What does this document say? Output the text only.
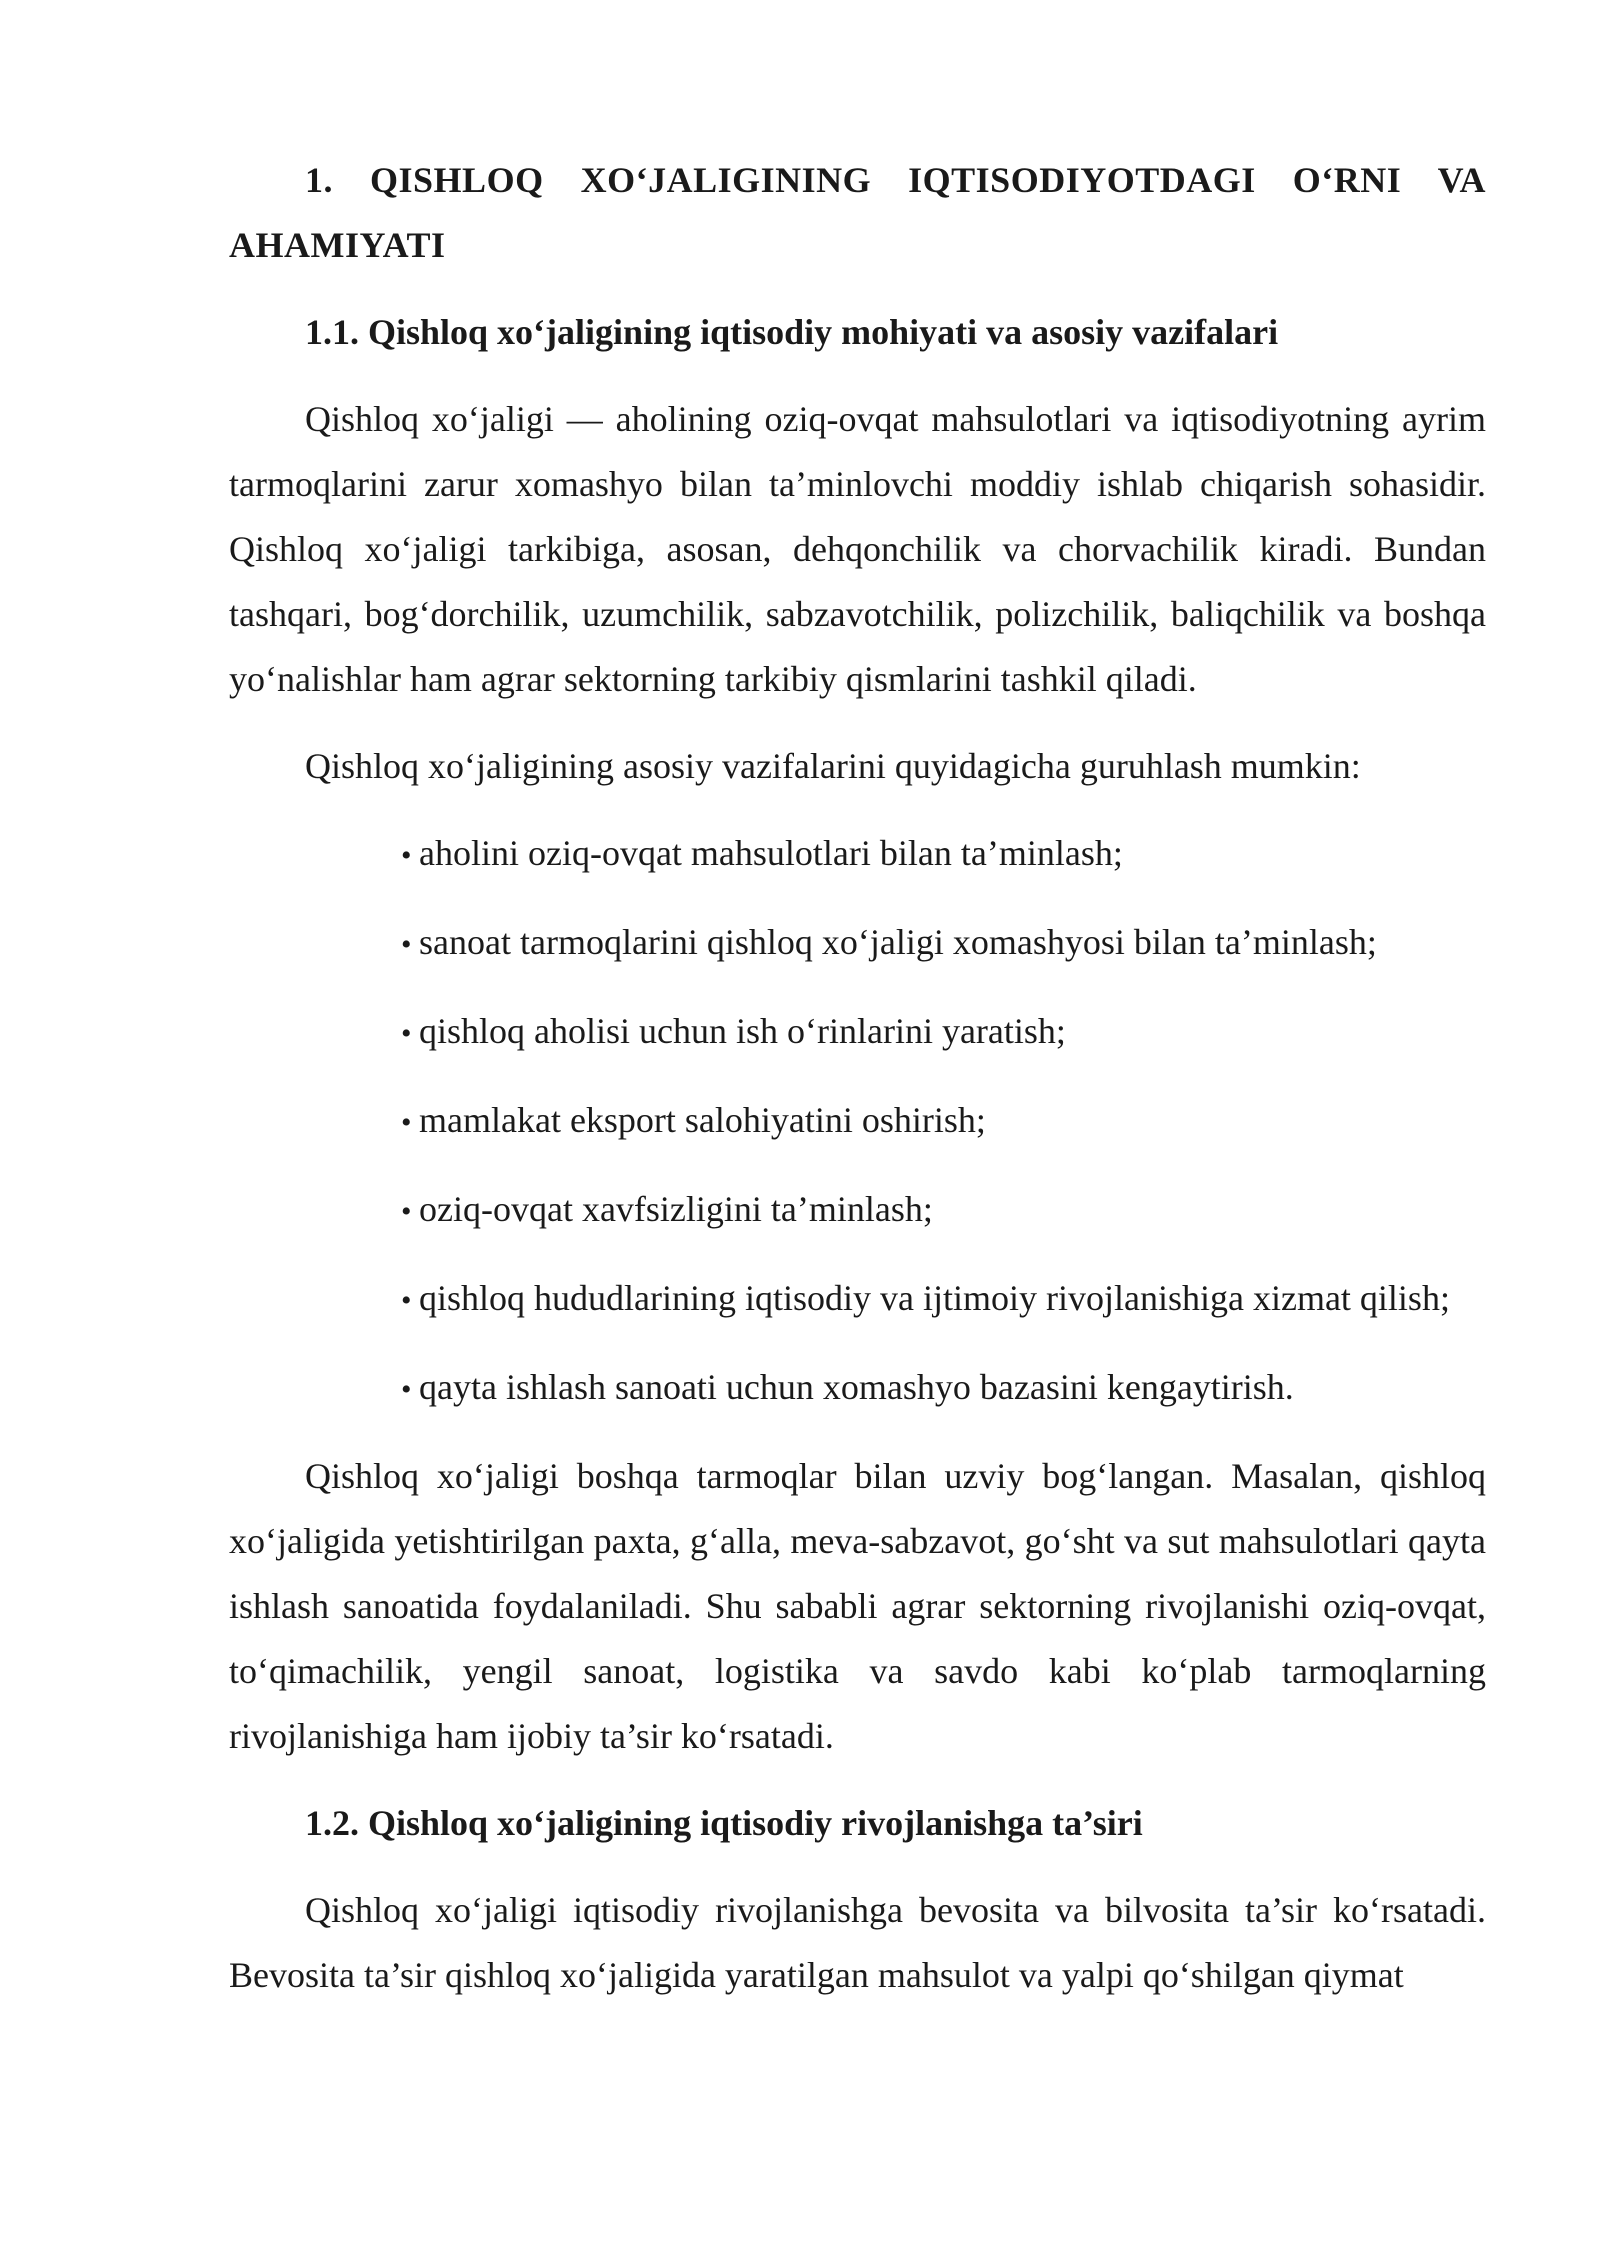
1. QISHLOQ XO‘JALIGINING IQTISODIYOTDAGI O‘RNI VA AHAMIYATI
1.1. Qishloq xo‘jaligining iqtisodiy mohiyati va asosiy vazifalari

Qishloq xo‘jaligi — aholining oziq-ovqat mahsulotlari va iqtisodiyotning ayrim tarmoqlarini zarur xomashyo bilan ta’minlovchi moddiy ishlab chiqarish sohasidir. Qishloq xo‘jaligi tarkibiga, asosan, dehqonchilik va chorvachilik kiradi. Bundan tashqari, bog‘dorchilik, uzumchilik, sabzavotchilik, polizchilik, baliqchilik va boshqa yo‘nalishlar ham agrar sektorning tarkibiy qismlarini tashkil qiladi.

Qishloq xo‘jaligining asosiy vazifalarini quyidagicha guruhlash mumkin:

• aholini oziq-ovqat mahsulotlari bilan ta’minlash;
• sanoat tarmoqlarini qishloq xo‘jaligi xomashyosi bilan ta’minlash;
• qishloq aholisi uchun ish o‘rinlarini yaratish;
• mamlakat eksport salohiyatini oshirish;
• oziq-ovqat xavfsizligini ta’minlash;
• qishloq hududlarining iqtisodiy va ijtimoiy rivojlanishiga xizmat qilish;
• qayta ishlash sanoati uchun xomashyo bazasini kengaytirish.

Qishloq xo‘jaligi boshqa tarmoqlar bilan uzviy bog‘langan. Masalan, qishloq xo‘jaligida yetishtirilgan paxta, g‘alla, meva-sabzavot, go‘sht va sut mahsulotlari qayta ishlash sanoatida foydalaniladi. Shu sababli agrar sektorning rivojlanishi oziq-ovqat, to‘qimachilik, yengil sanoat, logistika va savdo kabi ko‘plab tarmoqlarning rivojlanishiga ham ijobiy ta’sir ko‘rsatadi.

1.2. Qishloq xo‘jaligining iqtisodiy rivojlanishga ta’siri

Qishloq xo‘jaligi iqtisodiy rivojlanishga bevosita va bilvosita ta’sir ko‘rsatadi. Bevosita ta’sir qishloq xo‘jaligida yaratilgan mahsulot va yalpi qo‘shilgan qiymat
